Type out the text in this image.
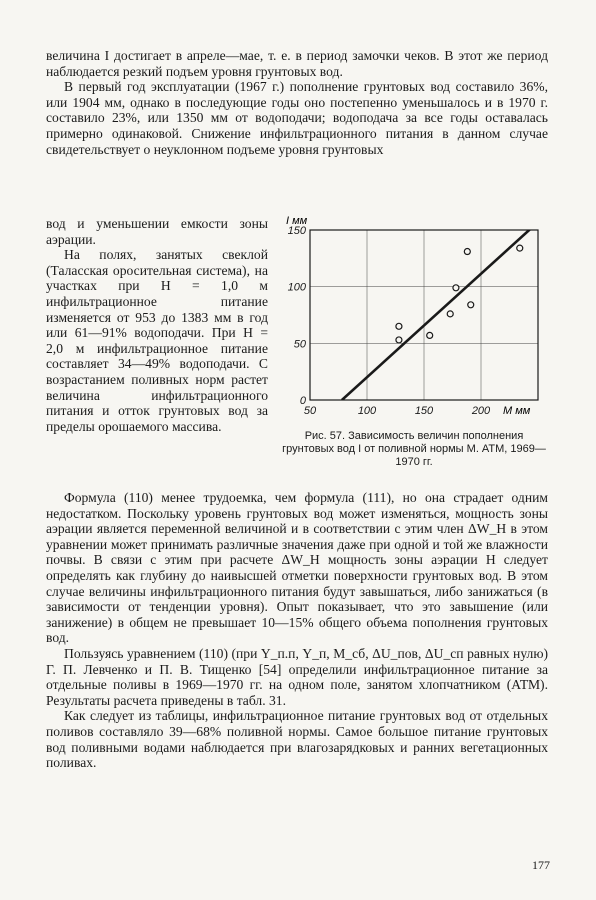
величина I достигает в апреле—мае, т. е. в период замочки чеков. В этот же период наблюдается резкий подъем уровня грунтовых вод.

В первый год эксплуатации (1967 г.) пополнение грунтовых вод составило 36%, или 1904 мм, однако в последующие годы оно постепенно уменьшалось и в 1970 г. составило 23%, или 1350 мм от водоподачи; водоподача за все годы оставалась примерно одинаковой. Снижение инфильтрационного питания в данном случае свидетельствует о неуклонном подъеме уровня грунтовых

вод и уменьшении емкости зоны аэрации.

На полях, занятых свеклой (Таласская оросительная система), на участках при H = 1,0 м инфильтрационное питание изменяется от 953 до 1383 мм в год или 61—91% водоподачи. При H = 2,0 м инфильтрационное питание составляет 34—49% водоподачи. С возрастанием поливных норм растет величина инфильтрационного питания и отток грунтовых вод за пределы орошаемого массива.

50	100	150	200
0
50
100
150
I мм
M мм
Рис. 57. Зависимость величин пополнения грунтовых вод I от поливной нормы M. АТМ, 1969—1970 гг.

Формула (110) менее трудоемка, чем формула (111), но она страдает одним недостатком. Поскольку уровень грунтовых вод может изменяться, мощность зоны аэрации является переменной величиной и в соответствии с этим член ΔW_H в этом уравнении может принимать различные значения даже при одной и той же влажности почвы. В связи с этим при расчете ΔW_H мощность зоны аэрации H следует определять как глубину до наивысшей отметки поверхности грунтовых вод. В этом случае величины инфильтрационного питания будут завышаться, либо занижаться (в зависимости от тенденции уровня). Опыт показывает, что это завышение (или занижение) в общем не превышает 10—15% общего объема пополнения грунтовых вод.

Пользуясь уравнением (110) (при Y_п.п, Y_п, M_сб, ΔU_пов, ΔU_сп равных нулю) Г. П. Левченко и П. В. Тищенко [54] определили инфильтрационное питание за отдельные поливы в 1969—1970 гг. на одном поле, занятом хлопчатником (АТМ). Результаты расчета приведены в табл. 31.

Как следует из таблицы, инфильтрационное питание грунтовых вод от отдельных поливов составляло 39—68% поливной нормы. Самое большое питание грунтовых вод поливными водами наблюдается при влагозарядковых и ранних вегетационных поливах.

177
